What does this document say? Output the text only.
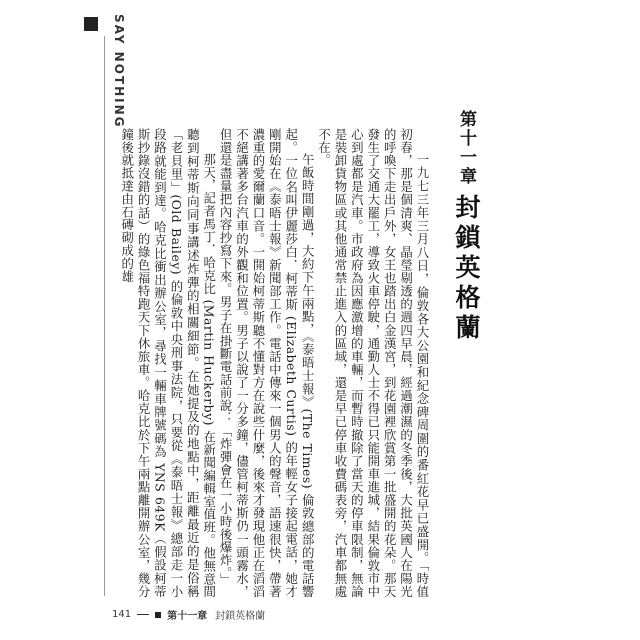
SAY NOTHING
第十一章封鎖英格蘭

一九七三年三月八日，倫敦各大公園和紀念碑周圍的番紅花早已盛開。「時值初春，那是個清爽、晶瑩剔透的週四早晨，經過潮濕的冬季後，大批英國人在陽光的呼喚下走出戶外，女王也踏出白金漢宮，到花園裡欣賞第一批盛開的花朵。那天發生了交通大罷工，導致火車停駛，通勤人士不得已只能開車進城，結果倫敦市中心到處都是汽車。市政府為因應激增的車輛，而暫時撤除了當天的停車限制，無論是裝卸貨物區或其他通常禁止進入的區域，還是早已停車收費碼表旁，汽車都無處不在。

午飯時間剛過，大約下午兩點，《泰晤士報》(The Times) 倫敦總部的電話響起。一位名叫伊麗莎白．柯蒂斯 (Elizabeth Curtis) 的年輕女子接起電話，她才剛開始在《泰晤士報》新聞部工作。電話中傳來一個男人的聲音，語速很快，帶著濃重的愛爾蘭口音。一開始柯蒂斯聽不懂對方在說些什麼，後來才發現他正在滔滔不絕講著多台汽車的外觀和位置。男子以說了一分多鐘，儘管柯蒂斯仍一頭霧水，但還是盡量把內容抄寫下來。男子在掛斷電話前說：「炸彈會在一小時後爆炸。」

那天，記者馬丁．哈克比 (Martin Huckerby) 在新聞編輯室值班。他無意間聽到柯蒂斯向同事講述炸彈的相關細節。在她提及的地點中，距離最近的是俗稱「老貝里」(Old Bailey) 的倫敦中央刑事法院，只要從《泰晤士報》總部走一小段路就能到達。哈克比衝出辦公室，尋找一輛車牌號碼為 YNS 649K（假設柯蒂斯抄錄沒錯的話）的綠色福特跑天下休旅車。哈克比於下午兩點離開辦公室，幾分鐘後就抵達由石磚砌成的雄

141	第十一章 封鎖英格蘭
